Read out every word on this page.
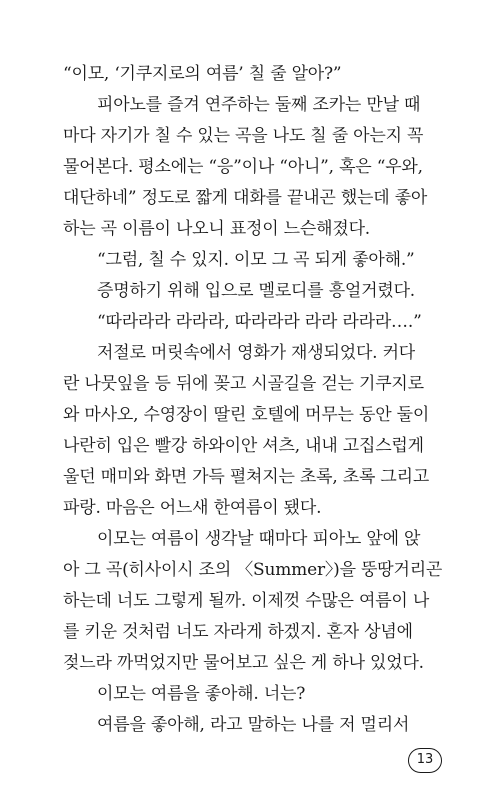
“이모, ‘기쿠지로의 여름’ 칠 줄 알아?”
피아노를 즐겨 연주하는 둘째 조카는 만날 때
마다 자기가 칠 수 있는 곡을 나도 칠 줄 아는지 꼭
물어본다. 평소에는 “응”이나 “아니”, 혹은 “우와,
대단하네” 정도로 짧게 대화를 끝내곤 했는데 좋아
하는 곡 이름이 나오니 표정이 느슨해졌다.
“그럼, 칠 수 있지. 이모 그 곡 되게 좋아해.”
증명하기 위해 입으로 멜로디를 흥얼거렸다.
“따라라라 라라라, 따라라라 라라 라라라….”
저절로 머릿속에서 영화가 재생되었다. 커다
란 나뭇잎을 등 뒤에 꽂고 시골길을 걷는 기쿠지로
와 마사오, 수영장이 딸린 호텔에 머무는 동안 둘이
나란히 입은 빨강 하와이안 셔츠, 내내 고집스럽게
울던 매미와 화면 가득 펼쳐지는 초록, 초록 그리고
파랑. 마음은 어느새 한여름이 됐다.
이모는 여름이 생각날 때마다 피아노 앞에 앉
아 그 곡(히사이시 조의 〈Summer〉)을 뚱땅거리곤
하는데 너도 그렇게 될까. 이제껏 수많은 여름이 나
를 키운 것처럼 너도 자라게 하겠지. 혼자 상념에
젖느라 까먹었지만 물어보고 싶은 게 하나 있었다.
이모는 여름을 좋아해. 너는?
여름을 좋아해, 라고 말하는 나를 저 멀리서
13
